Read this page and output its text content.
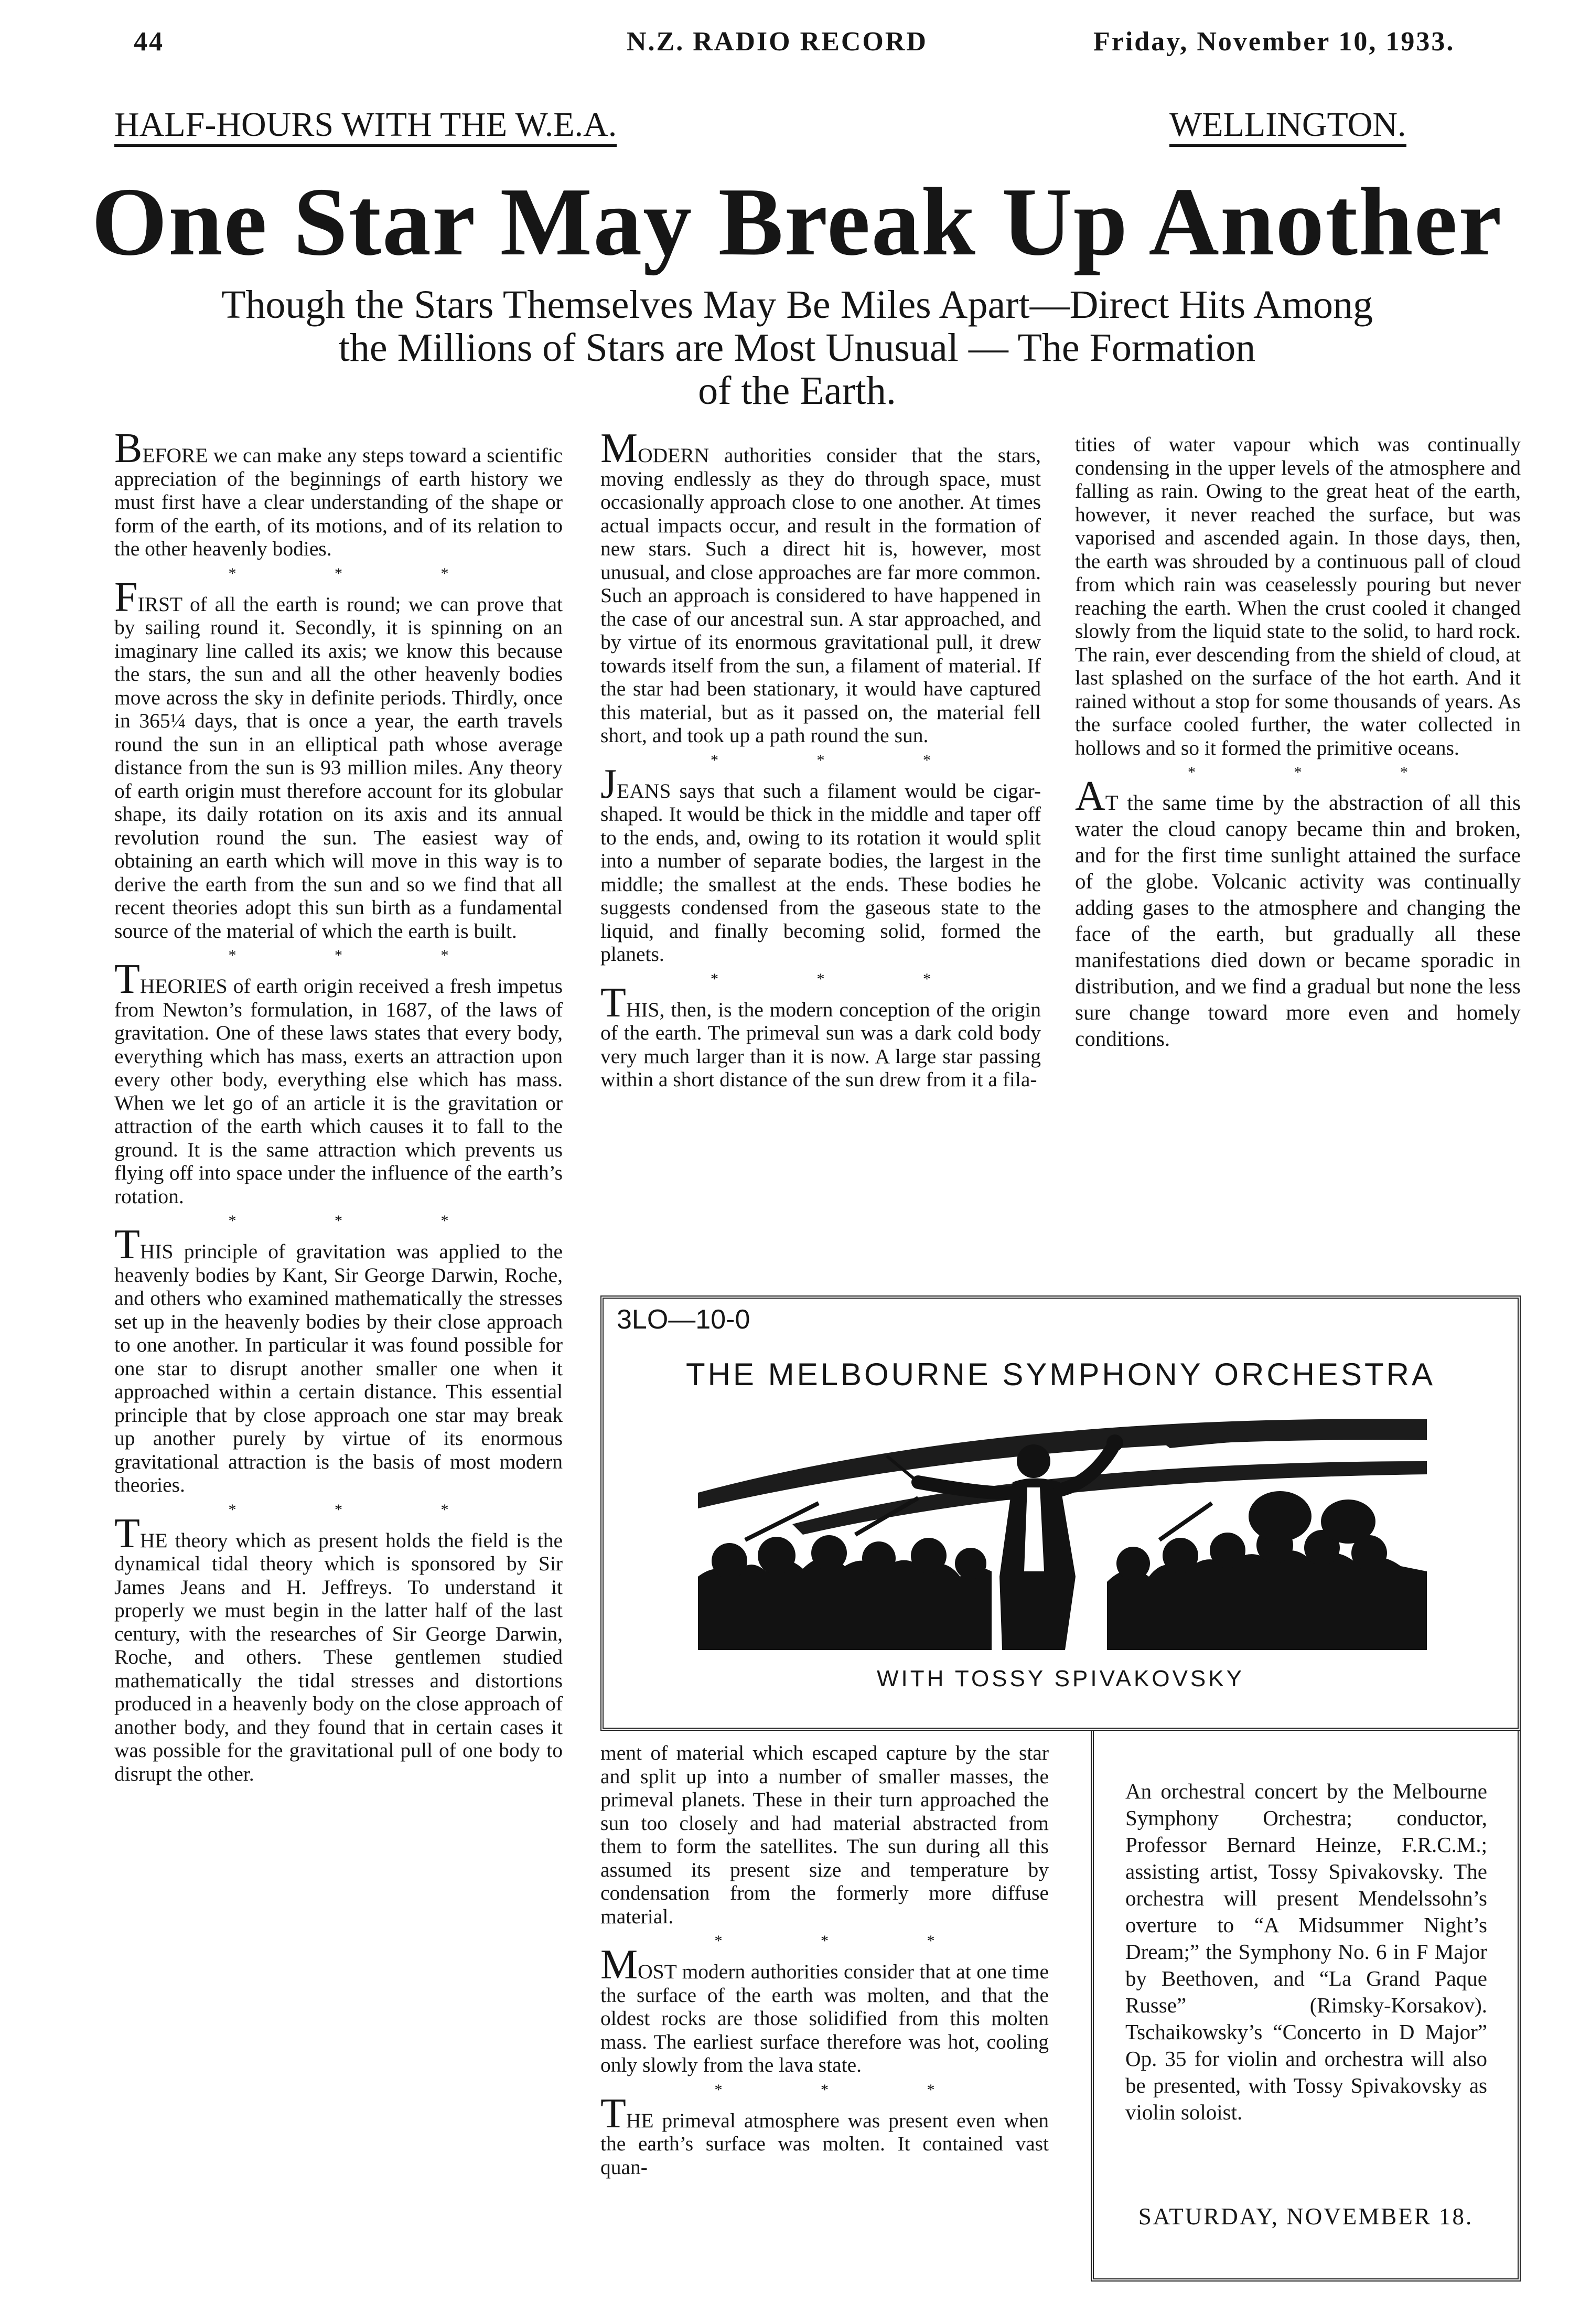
44	N.Z. RADIO RECORD	Friday, November 10, 1933.
HALF-HOURS WITH THE W.E.A.	WELLINGTON.
One Star May Break Up Another
Though the Stars Themselves May Be Miles Apart—Direct Hits Among
the Millions of Stars are Most Unusual — The Formation
of the Earth.

BEFORE we can make any steps toward a scientific appreciation of the beginnings of earth history we must first have a clear understanding of the shape or form of the earth, of its motions, and of its relation to the other heavenly bodies.

* * *

FIRST of all the earth is round; we can prove that by sailing round it. Secondly, it is spinning on an imaginary line called its axis; we know this because the stars, the sun and all the other heavenly bodies move across the sky in definite periods. Thirdly, once in 365¼ days, that is once a year, the earth travels round the sun in an elliptical path whose average distance from the sun is 93 million miles. Any theory of earth origin must therefore account for its globular shape, its daily rotation on its axis and its annual revolution round the sun. The easiest way of obtaining an earth which will move in this way is to derive the earth from the sun and so we find that all recent theories adopt this sun birth as a fundamental source of the material of which the earth is built.

* * *

THEORIES of earth origin received a fresh impetus from Newton’s formulation, in 1687, of the laws of gravitation. One of these laws states that every body, everything which has mass, exerts an attraction upon every other body, everything else which has mass. When we let go of an article it is the gravitation or attraction of the earth which causes it to fall to the ground. It is the same attraction which prevents us flying off into space under the influence of the earth’s rotation.

* * *

THIS principle of gravitation was applied to the heavenly bodies by Kant, Sir George Darwin, Roche, and others who examined mathematically the stresses set up in the heavenly bodies by their close approach to one another. In particular it was found possible for one star to disrupt another smaller one when it approached within a certain distance. This essential principle that by close approach one star may break up another purely by virtue of its enormous gravitational attraction is the basis of most modern theories.

* * *

THE theory which as present holds the field is the dynamical tidal theory which is sponsored by Sir James Jeans and H. Jeffreys. To understand it properly we must begin in the latter half of the last century, with the researches of Sir George Darwin, Roche, and others. These gentlemen studied mathematically the tidal stresses and distortions produced in a heavenly body on the close approach of another body, and they found that in certain cases it was possible for the gravitational pull of one body to disrupt the other.

MODERN authorities consider that the stars, moving endlessly as they do through space, must occasionally approach close to one another. At times actual impacts occur, and result in the formation of new stars. Such a direct hit is, however, most unusual, and close approaches are far more common. Such an approach is considered to have happened in the case of our ancestral sun. A star approached, and by virtue of its enormous gravitational pull, it drew towards itself from the sun, a filament of material. If the star had been stationary, it would have captured this material, but as it passed on, the material fell short, and took up a path round the sun.

* * *

JEANS says that such a filament would be cigar-shaped. It would be thick in the middle and taper off to the ends, and, owing to its rotation it would split into a number of separate bodies, the largest in the middle; the smallest at the ends. These bodies he suggests condensed from the gaseous state to the liquid, and finally becoming solid, formed the planets.

* * *

THIS, then, is the modern conception of the origin of the earth. The primeval sun was a dark cold body very much larger than it is now. A large star passing within a short distance of the sun drew from it a fila-

tities of water vapour which was continually condensing in the upper levels of the atmosphere and falling as rain. Owing to the great heat of the earth, however, it never reached the surface, but was vaporised and ascended again. In those days, then, the earth was shrouded by a continuous pall of cloud from which rain was ceaselessly pouring but never reaching the earth. When the crust cooled it changed slowly from the liquid state to the solid, to hard rock. The rain, ever descending from the shield of cloud, at last splashed on the surface of the hot earth. And it rained without a stop for some thousands of years. As the surface cooled further, the water collected in hollows and so it formed the primitive oceans.

* * *

AT the same time by the abstraction of all this water the cloud canopy became thin and broken, and for the first time sunlight attained the surface of the globe. Volcanic activity was continually adding gases to the atmosphere and changing the face of the earth, but gradually all these manifestations died down or became sporadic in distribution, and we find a gradual but none the less sure change toward more even and homely conditions.

3LO—10-0
THE MELBOURNE SYMPHONY ORCHESTRA
WITH TOSSY SPIVAKOVSKY

ment of material which escaped capture by the star and split up into a number of smaller masses, the primeval planets. These in their turn approached the sun too closely and had material abstracted from them to form the satellites. The sun during all this assumed its present size and temperature by condensation from the formerly more diffuse material.

* * *

MOST modern authorities consider that at one time the surface of the earth was molten, and that the oldest rocks are those solidified from this molten mass. The earliest surface therefore was hot, cooling only slowly from the lava state.

* * *

THE primeval atmosphere was present even when the earth’s surface was molten. It contained vast quan-

An orchestral concert by the Melbourne Symphony Orchestra; conductor, Professor Bernard Heinze, F.R.C.M.; assisting artist, Tossy Spivakovsky. The orchestra will present Mendelssohn’s overture to “A Midsummer Night’s Dream;” the Symphony No. 6 in F Major by Beethoven, and “La Grand Paque Russe” (Rimsky-Korsakov). Tschaikowsky’s “Concerto in D Major” Op. 35 for violin and orchestra will also be presented, with Tossy Spivakovsky as violin soloist.
SATURDAY, NOVEMBER 18.
